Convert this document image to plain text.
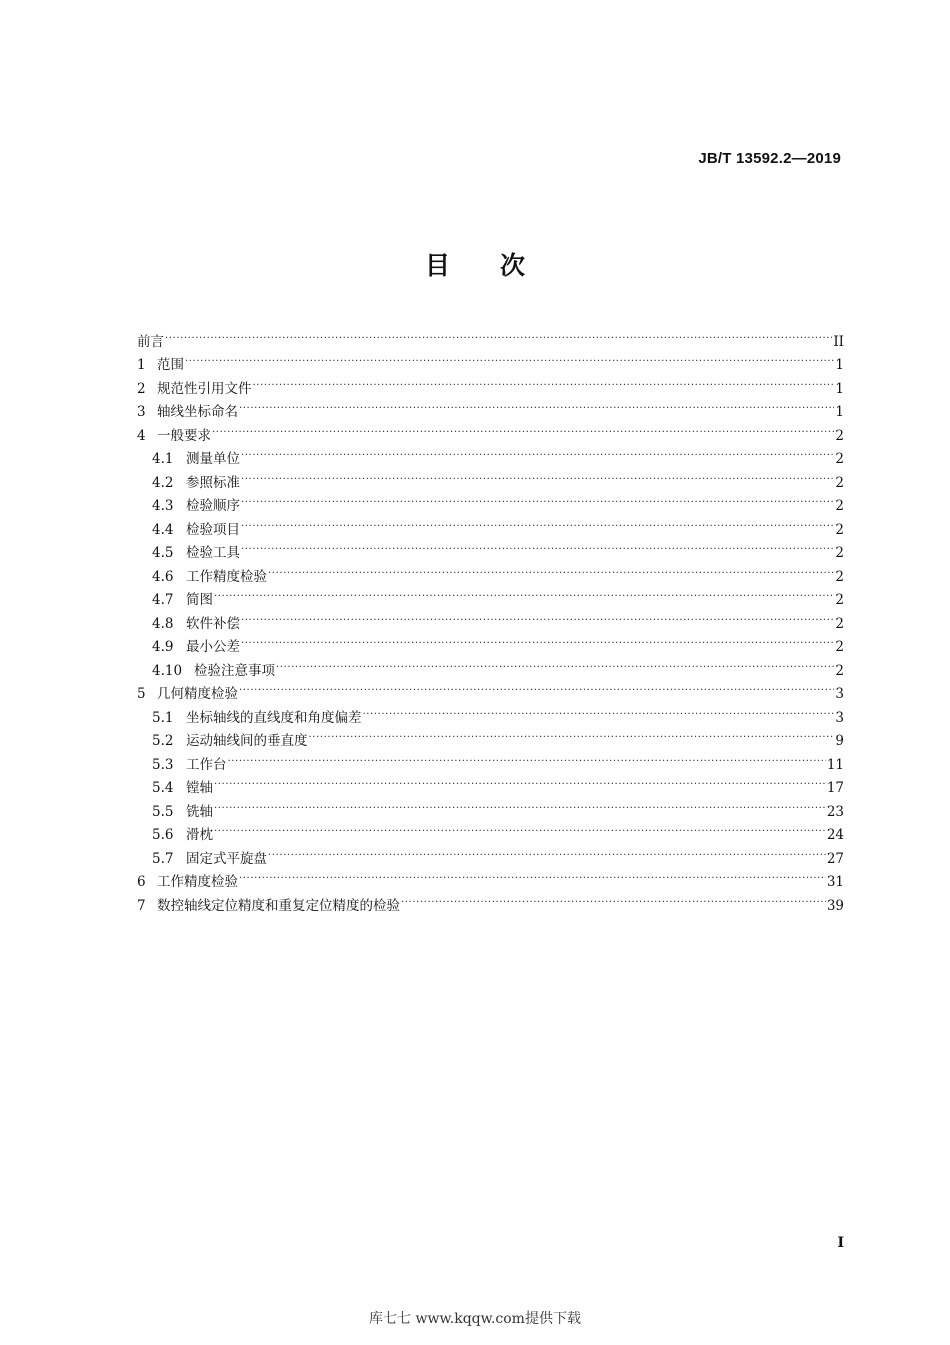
JB/T 13592.2—2019
目 次
前言 .....	II
1 范围 .....	1
2 规范性引用文件 .....	1
3 轴线坐标命名 .....	1
4 一般要求 .....	2
4.1 测量单位 .....	2
4.2 参照标准 .....	2
4.3 检验顺序 .....	2
4.4 检验项目 .....	2
4.5 检验工具 .....	2
4.6 工作精度检验 .....	2
4.7 简图 .....	2
4.8 软件补偿 .....	2
4.9 最小公差 .....	2
4.10 检验注意事项 .....	2
5 几何精度检验 .....	3
5.1 坐标轴线的直线度和角度偏差 .....	3
5.2 运动轴线间的垂直度 .....	9
5.3 工作台 .....	11
5.4 镗轴 .....	17
5.5 铣轴 .....	23
5.6 滑枕 .....	24
5.7 固定式平旋盘 .....	27
6 工作精度检验 .....	31
7 数控轴线定位精度和重复定位精度的检验 .....	39
I
库七七 www.kqqw.com提供下载
